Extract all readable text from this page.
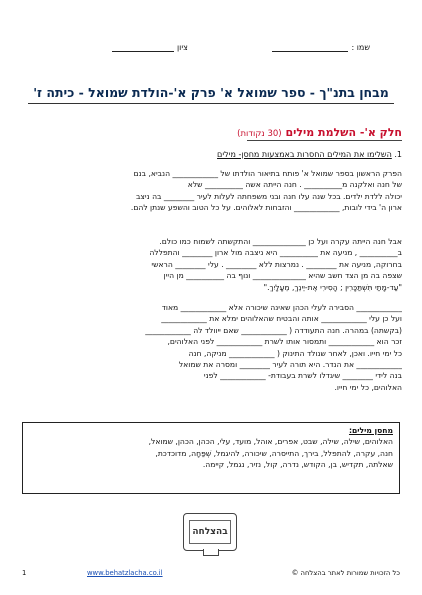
שמו :
ציון
מבחן בתנ"ך - ספר שמואל א' פרק א'-הולדת שמואל - כיתה ז'
חלק א'- השלמת מילים (30 נקודות)
1. השלימו את המילים החסרות באמצעות מחסן- מילים
הפרק הראשון בספר שמואל א' פותח בתיאור הולדתו של ____________ הנביא, בנם
של חנה ואלקנה מ__________ . חנה הייתה אשה __________ שלא
יכולה ללדת ילדים. בכל שנה עלו חנה ובני משפחתה לעלות לעיר ________ בה ניצב
ארון ה' בידי לובות, ____________ והזבחות לאלוהים. על כל הטוב והשפע שנתן להם.
אבל חנה הייתה עקרה ועל כן ______________ והתקשתה לשמוח כמו כולם.
ב__________ , מניעה את __________ היא ניצבה מול ארון ________ והתפללה
בחרוקה, מניעה את ________ . נמרצות ללא ________ . עלי ________ הראשי
שצפה בה מן הצד חשב שהיא ______________ ונוף בה __________ מן היין
"עַד-מָתַי תִּשְׁתַּכָּרִין ; הָסִירִי אֶת-יֵינֵךְ, מֵעָלָיִךְ."
____________ הסבירה לעלי הכהן שאינה שיכורה אלא ____________ מאוד
ועל כן עלי ____________ אותה והבטיח שהאלוהים ימלא את ____________
(בקשתה) במהרה. חנה התעודדה ( ____________ שאם ייוולד לה ____________
זכר הוא ____________ ותמסור אותו לשרת ____________ לפני האלוהים,
כל ימי חייו. ואכן, לאחר שנולד התינוק ( ____________ מניקה, חנה
____________ את הנדר. היא תורה לעיר ________ ומסרה את שמואל
בנה לידי ________ שיגדלו לשרת בעבודת- ____________ לפני
האלוהים, כל ימי חייו.
מחסן מילים:
האלוהים, שילה, שילה, שבט, אפרים, אוהל, מועד, עלי, הכהן, הכהן, שמואל,
חנה, עקרה, להתפלל, בירך, התייסרה, שיכורה, להיגמל, שְׁפַּחָה, מדוכדכת,
שאלתה, תקדיש, בן, הקודש, נדרה, קול, נזיר, נגמל, קיימה.
בהצלחה
1	www.behatzlacha.co.il	כל הזכויות שמורות לאתר בהצלחה ©
